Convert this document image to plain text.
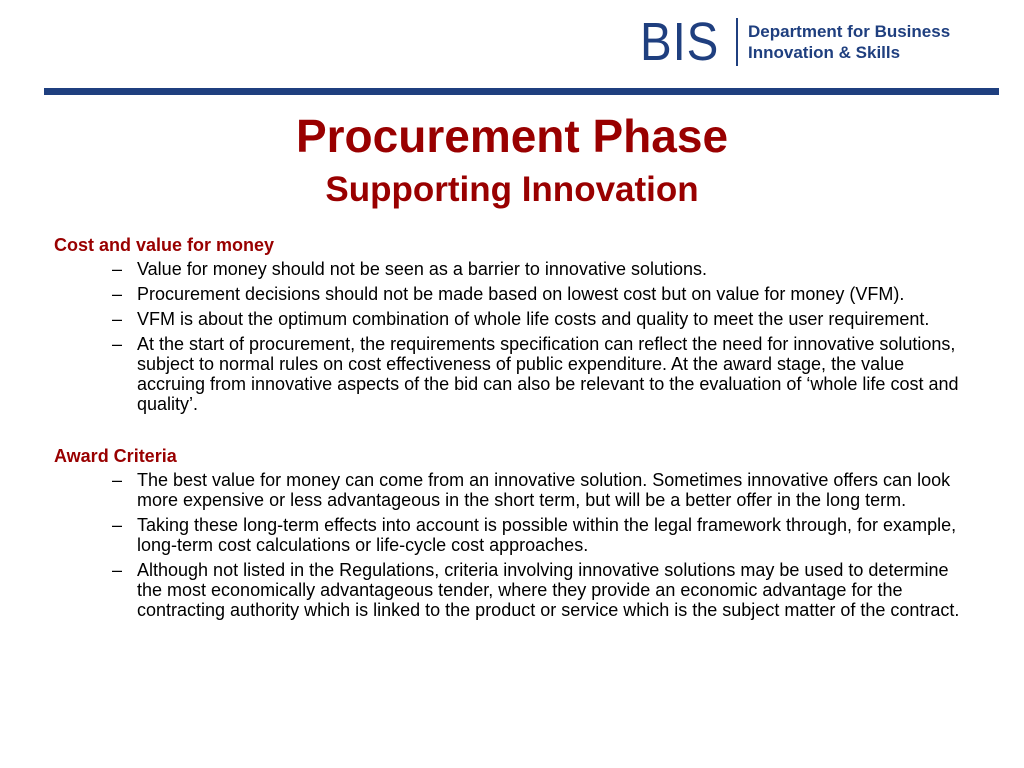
BIS Department for Business
Innovation & Skills
Procurement Phase
Supporting Innovation
Cost and value for money
– Value for money should not be seen as a barrier to innovative solutions.
– Procurement decisions should not be made based on lowest cost but on value for money (VFM).
– VFM is about the optimum combination of whole life costs and quality to meet the user requirement.
– At the start of procurement, the requirements specification can reflect the need for innovative solutions, subject to normal rules on cost effectiveness of public expenditure. At the award stage, the value accruing from innovative aspects of the bid can also be relevant to the evaluation of ‘whole life cost and quality’.
Award Criteria
– The best value for money can come from an innovative solution. Sometimes innovative offers can look more expensive or less advantageous in the short term, but will be a better offer in the long term.
– Taking these long-term effects into account is possible within the legal framework through, for example, long-term cost calculations or life-cycle cost approaches.
– Although not listed in the Regulations, criteria involving innovative solutions may be used to determine the most economically advantageous tender, where they provide an economic advantage for the contracting authority which is linked to the product or service which is the subject matter of the contract.
